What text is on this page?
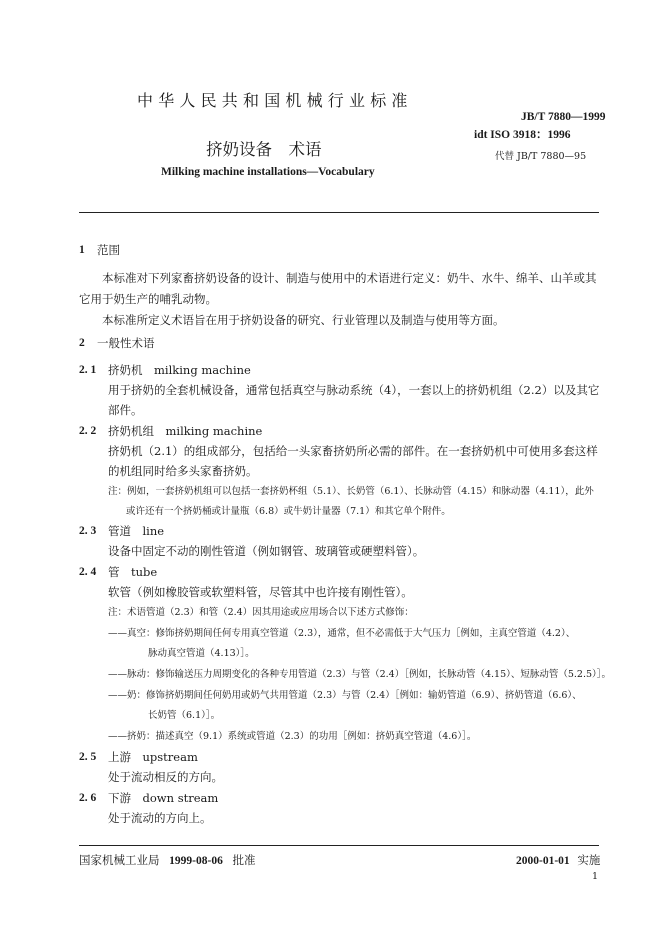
中华人民共和国机械行业标准
JB/T 7880—1999
idt ISO 3918：1996
挤奶设备　术语	代替 JB/T 7880—95
Milking machine installations—Vocabulary
1 范围
本标准对下列家畜挤奶设备的设计、制造与使用中的术语进行定义：奶牛、水牛、绵羊、山羊或其
它用于奶生产的哺乳动物。
本标准所定义术语旨在用于挤奶设备的研究、行业管理以及制造与使用等方面。
2 一般性术语
2. 1 挤奶机　milking machine
用于挤奶的全套机械设备，通常包括真空与脉动系统（4），一套以上的挤奶机组（2.2）以及其它
部件。
2. 2 挤奶机组　milking machine
挤奶机（2.1）的组成部分，包括给一头家畜挤奶所必需的部件。在一套挤奶机中可使用多套这样
的机组同时给多头家畜挤奶。
注：例如，一套挤奶机组可以包括一套挤奶杯组（5.1）、长奶管（6.1）、长脉动管（4.15）和脉动器（4.11），此外
或许还有一个挤奶桶或计量瓶（6.8）或牛奶计量器（7.1）和其它单个附件。
2. 3 管道　line
设备中固定不动的刚性管道（例如钢管、玻璃管或硬塑料管）。
2. 4 管　tube
软管（例如橡胶管或软塑料管，尽管其中也许接有刚性管）。
注：术语管道（2.3）和管（2.4）因其用途或应用场合以下述方式修饰：
——真空：修饰挤奶期间任何专用真空管道（2.3），通常，但不必需低于大气压力［例如，主真空管道（4.2）、
脉动真空管道（4.13）］。
——脉动：修饰输送压力周期变化的各种专用管道（2.3）与管（2.4）［例如，长脉动管（4.15）、短脉动管（5.2.5）］。
——奶：修饰挤奶期间任何奶用或奶气共用管道（2.3）与管（2.4）［例如：输奶管道（6.9）、挤奶管道（6.6）、
长奶管（6.1）］。
——挤奶：描述真空（9.1）系统或管道（2.3）的功用［例如：挤奶真空管道（4.6）］。
2. 5 上游　upstream
处于流动相反的方向。
2. 6 下游　down stream
处于流动的方向上。
国家机械工业局 1999-08-06 批准	2000-01-01 实施
1
